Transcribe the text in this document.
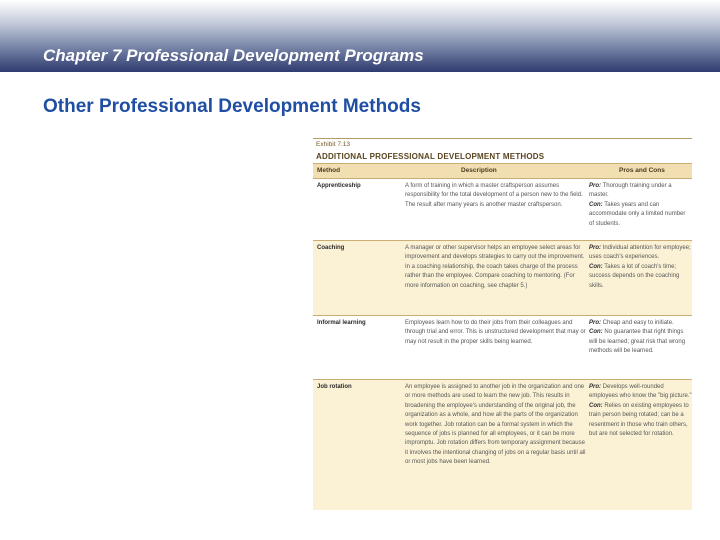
Chapter 7 Professional Development Programs
Other Professional Development Methods
Exhibit 7.13
ADDITIONAL PROFESSIONAL DEVELOPMENT METHODS
Method	Description	Pros and Cons
Apprenticeship	A form of training in which a master craftsperson assumes responsibility for the total development of a person new to the field. The result after many years is another master craftsperson.
Pro: Thorough training under a master.
Con: Takes years and can accommodate only a limited number of students.
Coaching	A manager or other supervisor helps an employee select areas for improvement and develops strategies to carry out the improvement. In a coaching relationship, the coach takes charge of the process rather than the employee. Compare coaching to mentoring. (For more information on coaching, see chapter 5.)
Pro: Individual attention for employee; uses coach's experiences.
Con: Takes a lot of coach's time; success depends on the coaching skills.
Informal learning	Employees learn how to do their jobs from their colleagues and through trial and error. This is unstructured development that may or may not result in the proper skills being learned.
Pro: Cheap and easy to initiate.
Con: No guarantee that right things will be learned; great risk that wrong methods will be learned.
Job rotation	An employee is assigned to another job in the organization and one or more methods are used to learn the new job. This results in broadening the employee's understanding of the original job, the organization as a whole, and how all the parts of the organization work together. Job rotation can be a formal system in which the sequence of jobs is planned for all employees, or it can be more impromptu. Job rotation differs from temporary assignment because it involves the intentional changing of jobs on a regular basis until all or most jobs have been learned.
Pro: Develops well-rounded employees who know the "big picture."
Con: Relies on existing employees to train person being rotated; can be a resentment in those who train others, but are not selected for rotation.
